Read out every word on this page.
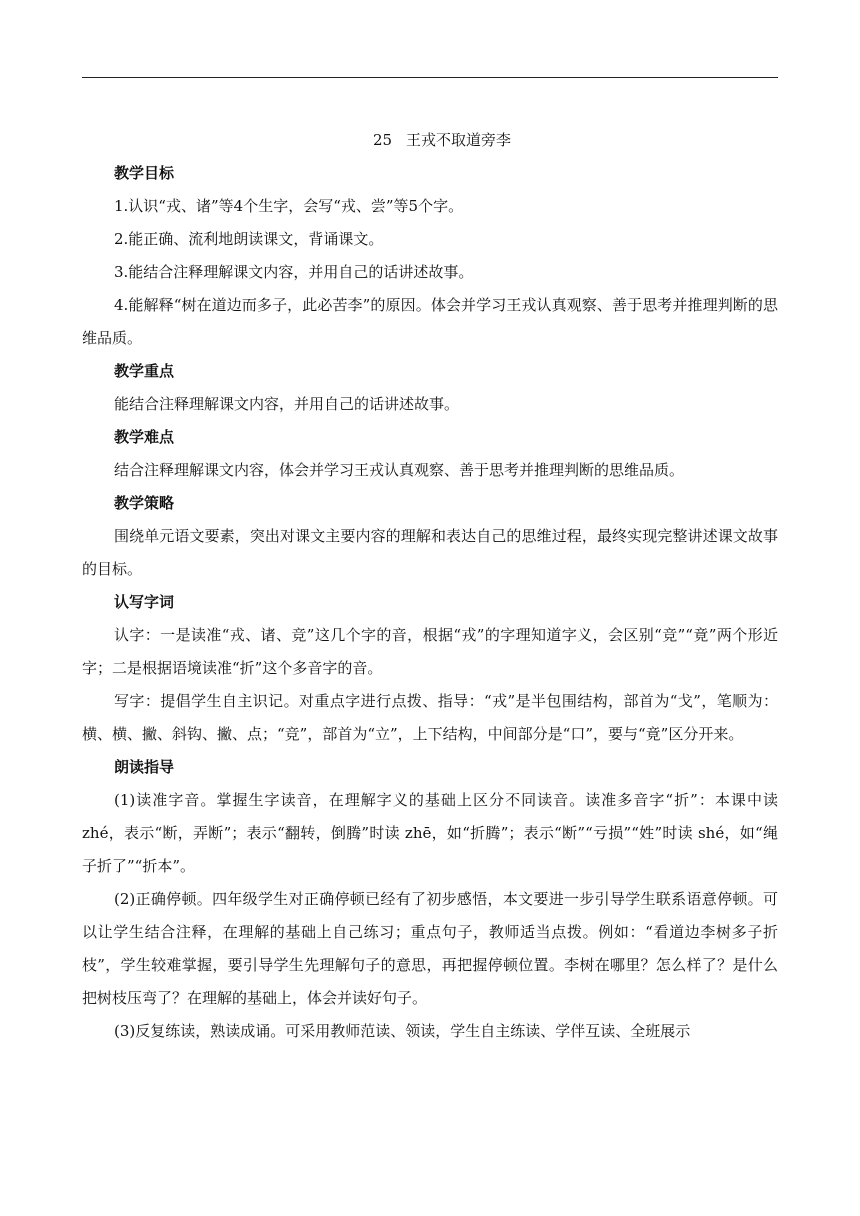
25 王戎不取道旁李

教学目标

1.认识“戎、诸”等4个生字，会写“戎、尝”等5个字。

2.能正确、流利地朗读课文，背诵课文。

3.能结合注释理解课文内容，并用自己的话讲述故事。

4.能解释“树在道边而多子，此必苦李”的原因。体会并学习王戎认真观察、善于思考并推理判断的思维品质。

教学重点

能结合注释理解课文内容，并用自己的话讲述故事。

教学难点

结合注释理解课文内容，体会并学习王戎认真观察、善于思考并推理判断的思维品质。

教学策略

围绕单元语文要素，突出对课文主要内容的理解和表达自己的思维过程，最终实现完整讲述课文故事的目标。

认写字词

认字：一是读准“戎、诸、竞”这几个字的音，根据“戎”的字理知道字义，会区别“竞”“竟”两个形近字；二是根据语境读准“折”这个多音字的音。

写字：提倡学生自主识记。对重点字进行点拨、指导：“戎”是半包围结构，部首为“戈”，笔顺为：横、横、撇、斜钩、撇、点；“竞”，部首为“立”，上下结构，中间部分是“口”，要与“竟”区分开来。

朗读指导

(1)读准字音。掌握生字读音，在理解字义的基础上区分不同读音。读准多音字“折”：本课中读 zhé，表示“断，弄断”；表示“翻转，倒腾”时读 zhē，如“折腾”；表示“断”“亏损”“姓”时读 shé，如“绳子折了”“折本”。

(2)正确停顿。四年级学生对正确停顿已经有了初步感悟，本文要进一步引导学生联系语意停顿。可以让学生结合注释，在理解的基础上自己练习；重点句子，教师适当点拨。例如：“看道边李树多子折枝”，学生较难掌握，要引导学生先理解句子的意思，再把握停顿位置。李树在哪里？怎么样了？是什么把树枝压弯了？在理解的基础上，体会并读好句子。

(3)反复练读，熟读成诵。可采用教师范读、领读，学生自主练读、学伴互读、全班展示
